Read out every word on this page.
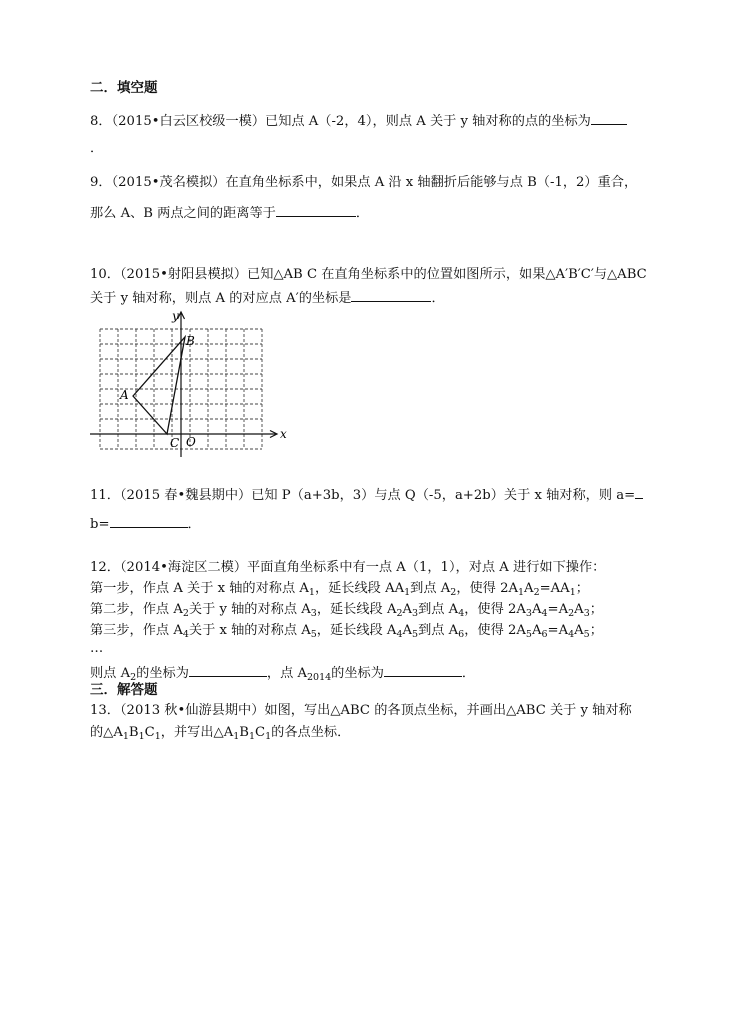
二．填空题
8．（2015•白云区校级一模）已知点 A（-2，4），则点 A 关于 y 轴对称的点的坐标为
．
9．（2015•茂名模拟）在直角坐标系中，如果点 A 沿 x 轴翻折后能够与点 B（-1，2）重合，
那么 A、B 两点之间的距离等于	．
10．（2015•射阳县模拟）已知△AB C 在直角坐标系中的位置如图所示，如果△A′B′C′与△ABC
关于 y 轴对称，则点 A 的对应点 A′的坐标是	．
y
x
A
B
C O
11．（2015 春•魏县期中）已知 P（a+3b，3）与点 Q（-5，a+2b）关于 x 轴对称，则 a=
b=	．
12．（2014•海淀区二模）平面直角坐标系中有一点 A（1，1），对点 A 进行如下操作：
第一步，作点 A 关于 x 轴的对称点 $A_1$，延长线段 $AA_1$到点 $A_2$，使得 $2A_1A_2=AA_1$；
第二步，作点 $A_2$关于 y 轴的对称点 $A_3$，延长线段 $A_2A_3$到点 $A_4$，使得 $2A_3A_4=A_2A_3$；
第三步，作点 $A_4$关于 x 轴的对称点 $A_5$，延长线段 $A_4A_5$到点 $A_6$，使得 $2A_5A_6=A_4A_5$；
…
则点 $A_2$的坐标为	，点 $A_{2014}$的坐标为	．
三．解答题
13．（2013 秋•仙游县期中）如图，写出△ABC 的各顶点坐标，并画出△ABC 关于 y 轴对称
的$\triangle A_1B_1C_1$，并写出$\triangle A_1B_1C_1$的各点坐标．
